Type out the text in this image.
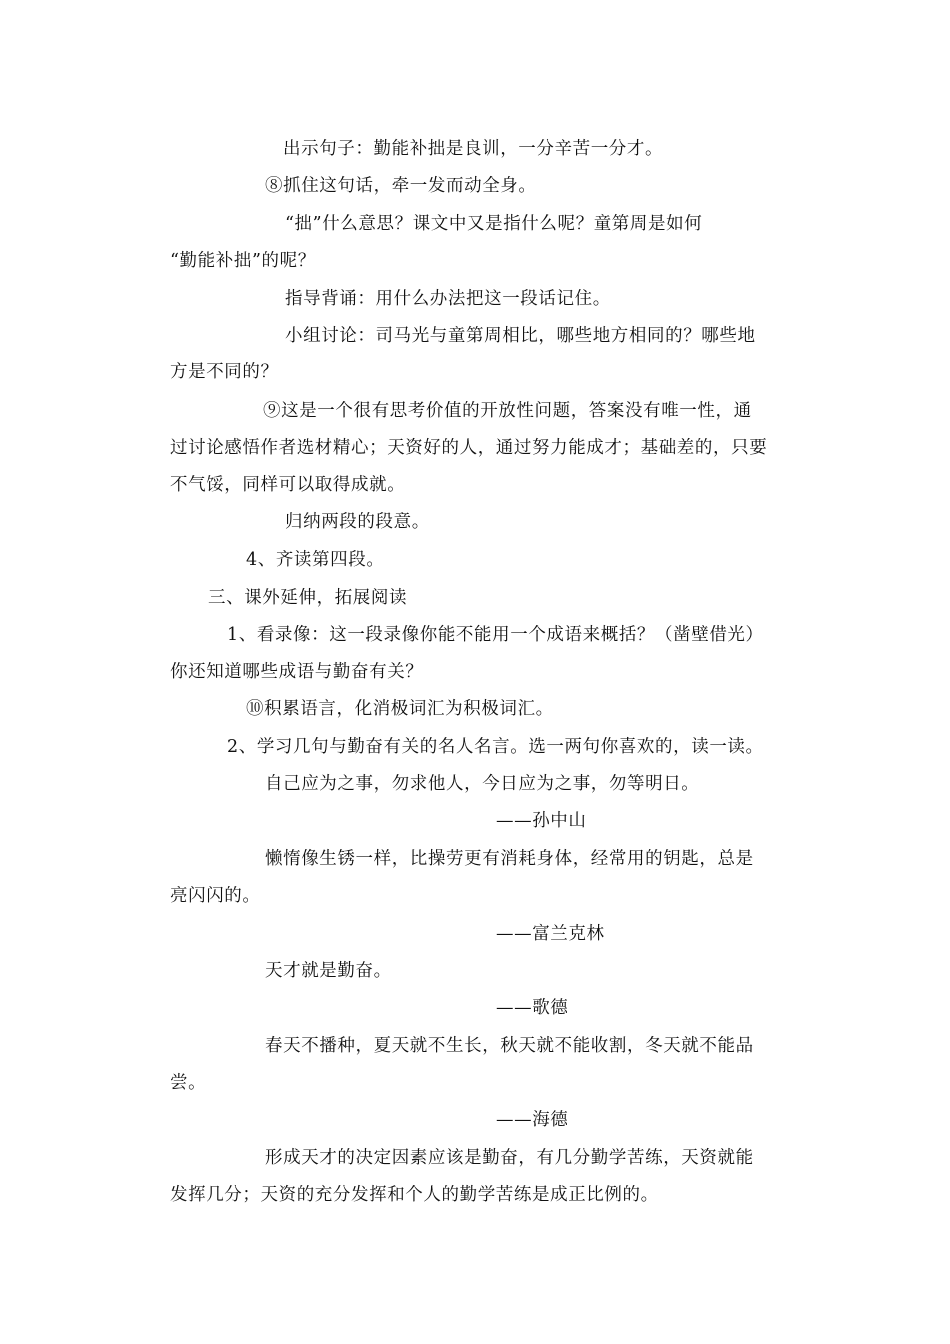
出示句子：勤能补拙是良训，一分辛苦一分才。
⑧抓住这句话，牵一发而动全身。
“拙”什么意思？课文中又是指什么呢？童第周是如何
“勤能补拙”的呢？
指导背诵：用什么办法把这一段话记住。
小组讨论：司马光与童第周相比，哪些地方相同的？哪些地
方是不同的？
⑨这是一个很有思考价值的开放性问题，答案没有唯一性，通
过讨论感悟作者选材精心；天资好的人，通过努力能成才；基础差的，只要
不气馁，同样可以取得成就。
归纳两段的段意。
4、齐读第四段。
三、课外延伸，拓展阅读
1、看录像：这一段录像你能不能用一个成语来概括？（凿壁借光）
你还知道哪些成语与勤奋有关？
⑩积累语言，化消极词汇为积极词汇。
2、学习几句与勤奋有关的名人名言。选一两句你喜欢的，读一读。
自己应为之事，勿求他人，今日应为之事，勿等明日。
——孙中山
懒惰像生锈一样，比操劳更有消耗身体，经常用的钥匙，总是
亮闪闪的。
——富兰克林
天才就是勤奋。
——歌德
春天不播种，夏天就不生长，秋天就不能收割，冬天就不能品
尝。
——海德
形成天才的决定因素应该是勤奋，有几分勤学苦练，天资就能
发挥几分；天资的充分发挥和个人的勤学苦练是成正比例的。
